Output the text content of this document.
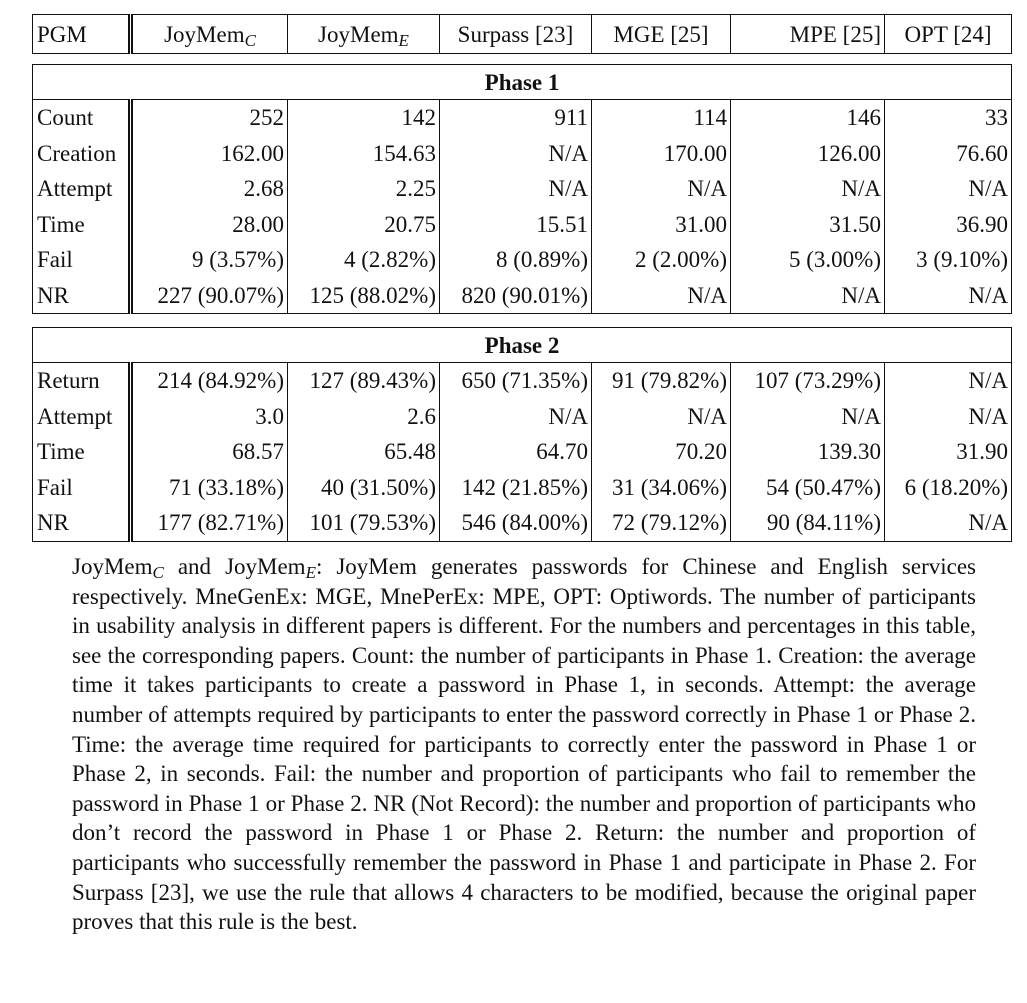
PGM	JoyMem$_C$	JoyMem$_E$	Surpass [23]	MGE [25]	MPE [25]	OPT [24]
Phase 1						
Count	252	142	911	114	146	33
Creation	162.00	154.63	N/A	170.00	126.00	76.60
Attempt	2.68	2.25	N/A	N/A	N/A	N/A
Time	28.00	20.75	15.51	31.00	31.50	36.90
Fail	9 (3.57%)	4 (2.82%)	8 (0.89%)	2 (2.00%)	5 (3.00%)	3 (9.10%)
NR	227 (90.07%)	125 (88.02%)	820 (90.01%)	N/A	N/A	N/A
Phase 2						
Return	214 (84.92%)	127 (89.43%)	650 (71.35%)	91 (79.82%)	107 (73.29%)	N/A
Attempt	3.0	2.6	N/A	N/A	N/A	N/A
Time	68.57	65.48	64.70	70.20	139.30	31.90
Fail	71 (33.18%)	40 (31.50%)	142 (21.85%)	31 (34.06%)	54 (50.47%)	6 (18.20%)
NR	177 (82.71%)	101 (79.53%)	546 (84.00%)	72 (79.12%)	90 (84.11%)	N/A

JoyMem$_C$ and JoyMem$_E$: JoyMem generates passwords for Chinese and English services respectively. MneGenEx: MGE, MnePerEx: MPE, OPT: Optiwords. The number of participants in usability analysis in different papers is different. For the numbers and percentages in this table, see the corresponding papers. Count: the number of participants in Phase 1. Creation: the average time it takes participants to create a password in Phase 1, in seconds. Attempt: the average number of attempts required by participants to enter the password correctly in Phase 1 or Phase 2. Time: the average time required for participants to correctly enter the password in Phase 1 or Phase 2, in seconds. Fail: the number and proportion of participants who fail to remember the password in Phase 1 or Phase 2. NR (Not Record): the number and proportion of participants who don’t record the password in Phase 1 or Phase 2. Return: the number and proportion of participants who successfully remember the password in Phase 1 and participate in Phase 2. For Surpass [23], we use the rule that allows 4 characters to be modified, because the original paper proves that this rule is the best.
